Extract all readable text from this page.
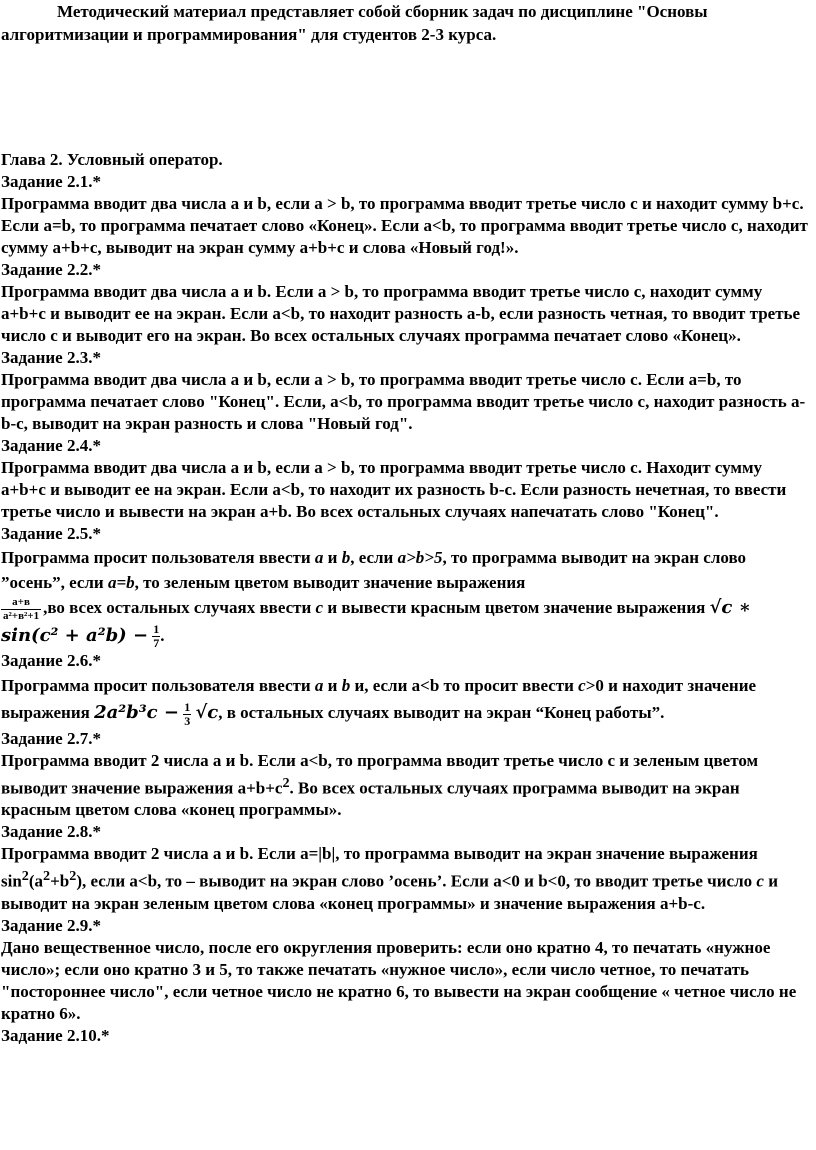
Методический материал представляет собой сборник задач по дисциплине "Основы алгоритмизации и программирования" для студентов 2-3 курса.

Глава 2. Условный оператор.

Задание 2.1.*

Программа вводит два числа a и b, если a > b, то программа вводит третье число c и находит сумму b+c. Если a=b, то программа печатает слово «Конец». Если a<b, то программа вводит третье число c, находит сумму a+b+c, выводит на экран сумму a+b+c и слова «Новый год!».

Задание 2.2.*

Программа вводит два числа a и b. Если a > b, то программа вводит третье число c, находит сумму a+b+c и выводит ее на экран. Если a<b, то находит разность a-b, если разность четная, то вводит третье число c и выводит его на экран. Во всех остальных случаях программа печатает слово «Конец».

Задание 2.3.*

Программа вводит два числа a и b, если a > b, то программа вводит третье число c. Если a=b, то программа печатает слово "Конец". Если, a<b, то программа вводит третье число c, находит разность a-b-c, выводит на экран разность и слова "Новый год".

Задание 2.4.*

Программа вводит два числа a и b, если a > b, то программа вводит третье число с. Находит сумму a+b+c и выводит ее на экран. Если a<b, то находит их разность b-c. Если разность нечетная, то ввести третье число и вывести на экран a+b. Во всех остальных случаях напечатать слово "Конец".

Задание 2.5.*

Программа просит пользователя ввести a и b, если a>b>5, то программа выводит на экран слово ”осень”, если a=b, то зеленым цветом выводит значение выражения

$\frac{a+в}{\text{a²+в²+1}} ,во$ всех остальных случаях ввести c и вывести красным цветом значение выражения √c ∗ $\sin(c^2 + a^2b) - \frac{1}{7}$ .

Задание 2.6.*

Программа просит пользователя ввести a и b и, если a<b то просит ввести c>0 и находит значение выражения $2a^2b^3c - \frac{1}{3} √c$, в остальных случаях выводит на экран “Конец работы”.

Задание 2.7.*

Программа вводит 2 числа a и b. Если a<b, то программа вводит третье число c и зеленым цветом выводит значение выражения $a+b+c^2$. Во всех остальных случаях программа выводит на экран красным цветом слова «конец программы».

Задание 2.8.*

Программа вводит 2 числа a и b. Если a=|b|, то программа выводит на экран значение выражения $\sin^2(a^2+b^2)$, если a<b, то – выводит на экран слово ’осень’. Если a<0 и b<0, то вводит третье число c и выводит на экран зеленым цветом слова «конец программы» и значение выражения a+b-c.

Задание 2.9.*

Дано вещественное число, после его округления проверить: если оно кратно 4, то печатать «нужное число»; если оно кратно 3 и 5, то также печатать «нужное число», если число четное, то печатать "постороннее число", если четное число не кратно 6, то вывести на экран сообщение « четное число не кратно 6».

Задание 2.10.*
